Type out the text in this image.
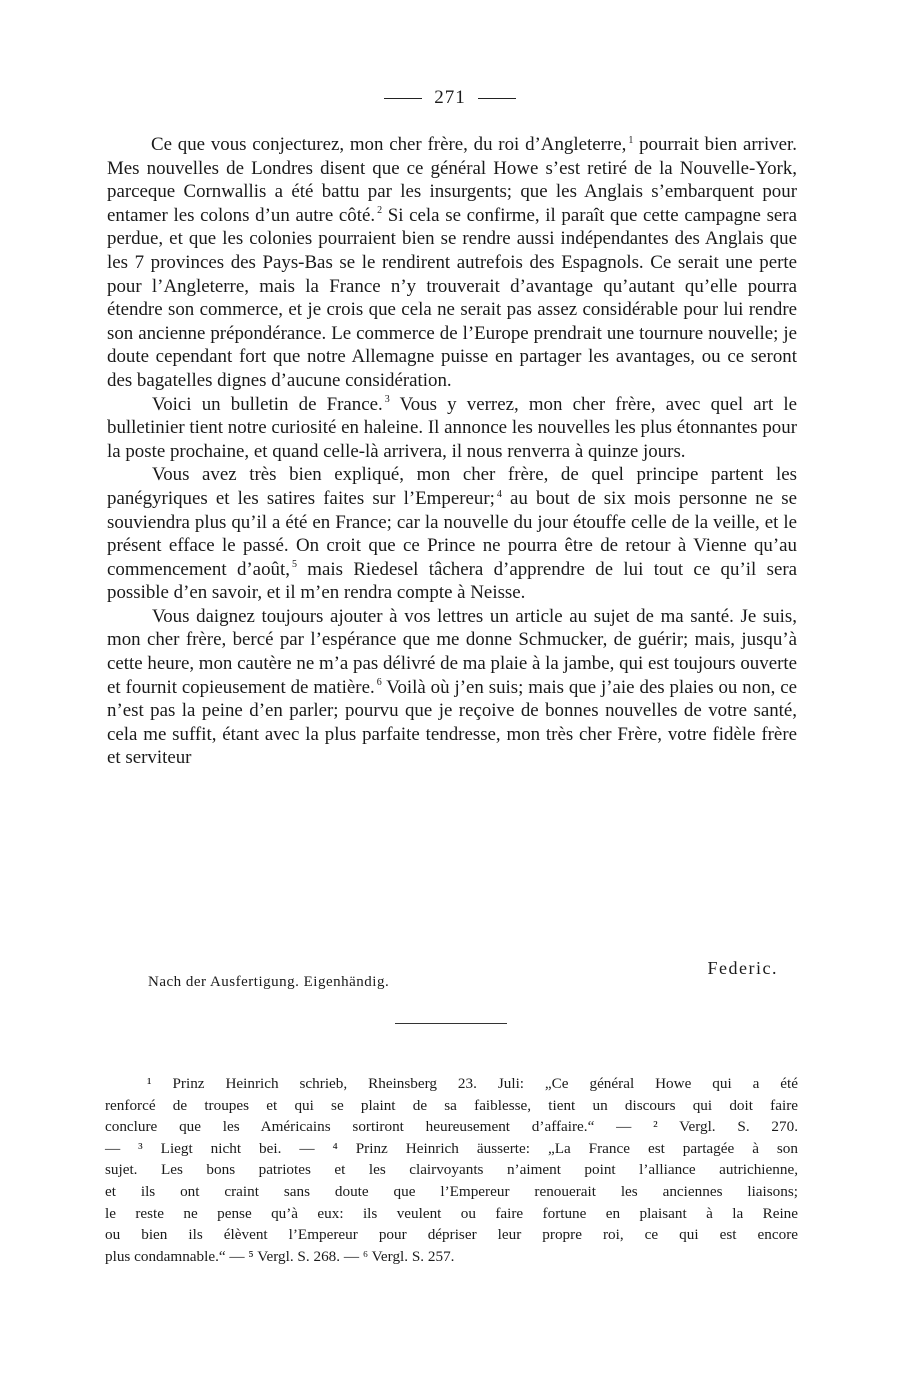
271

Ce que vous conjecturez, mon cher frère, du roi d’Angleterre, $^1$ pourrait bien arriver. Mes nouvelles de Londres disent que ce général Howe s’est retiré de la Nouvelle-York, parceque Cornwallis a été battu par les insurgents; que les Anglais s’embarquent pour entamer les colons d’un autre côté. $^2$ Si cela se confirme, il paraît que cette campagne sera perdue, et que les colonies pourraient bien se rendre aussi indépendantes des Anglais que les 7 provinces des Pays-Bas se le rendirent autrefois des Espagnols. Ce serait une perte pour l’Angleterre, mais la France n’y trouverait d’avantage qu’autant qu’elle pourra étendre son commerce, et je crois que cela ne serait pas assez considérable pour lui rendre son ancienne prépondérance. Le commerce de l’Europe prendrait une tournure nouvelle; je doute cependant fort que notre Allemagne puisse en partager les avantages, ou ce seront des bagatelles dignes d’aucune considération.

Voici un bulletin de France. $^3$ Vous y verrez, mon cher frère, avec quel art le bulletinier tient notre curiosité en haleine. Il annonce les nouvelles les plus étonnantes pour la poste prochaine, et quand celle-là arrivera, il nous renverra à quinze jours.

Vous avez très bien expliqué, mon cher frère, de quel principe partent les panégyriques et les satires faites sur l’Empereur; $^4$ au bout de six mois personne ne se souviendra plus qu’il a été en France; car la nouvelle du jour étouffe celle de la veille, et le présent efface le passé. On croit que ce Prince ne pourra être de retour à Vienne qu’au commencement d’août, $^5$ mais Riedesel tâchera d’apprendre de lui tout ce qu’il sera possible d’en savoir, et il m’en rendra compte à Neisse.

Vous daignez toujours ajouter à vos lettres un article au sujet de ma santé. Je suis, mon cher frère, bercé par l’espérance que me donne Schmucker, de guérir; mais, jusqu’à cette heure, mon cautère ne m’a pas délivré de ma plaie à la jambe, qui est toujours ouverte et fournit copieusement de matière. $^6$ Voilà où j’en suis; mais que j’aie des plaies ou non, ce n’est pas la peine d’en parler; pourvu que je reçoive de bonnes nouvelles de votre santé, cela me suffit, étant avec la plus parfaite tendresse, mon très cher Frère, votre fidèle frère et serviteur

Nach der Ausfertigung. Eigenhändig.
Federic.
¹ Prinz Heinrich schrieb, Rheinsberg 23. Juli: „Ce général Howe qui a été
renforcé de troupes et qui se plaint de sa faiblesse, tient un discours qui doit faire
conclure que les Américains sortiront heureusement d’affaire.“ — ² Vergl. S. 270.
— ³ Liegt nicht bei. — ⁴ Prinz Heinrich äusserte: „La France est partagée à son
sujet. Les bons patriotes et les clairvoyants n’aiment point l’alliance autrichienne,
et ils ont craint sans doute que l’Empereur renouerait les anciennes liaisons;
le reste ne pense qu’à eux: ils veulent ou faire fortune en plaisant à la Reine
ou bien ils élèvent l’Empereur pour dépriser leur propre roi, ce qui est encore
plus condamnable.“ — ⁵ Vergl. S. 268. — ⁶ Vergl. S. 257.
